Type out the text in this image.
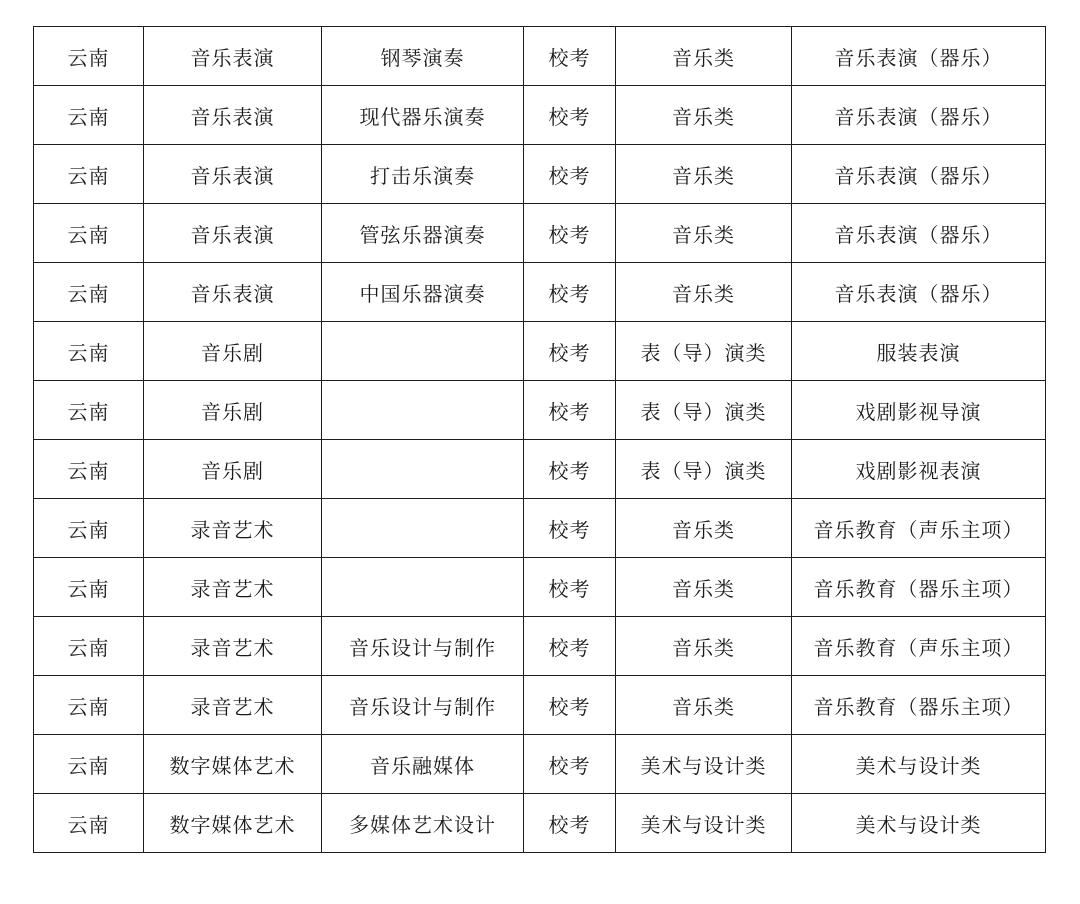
云南	音乐表演	钢琴演奏	校考	音乐类	音乐表演（器乐）
云南	音乐表演	现代器乐演奏	校考	音乐类	音乐表演（器乐）
云南	音乐表演	打击乐演奏	校考	音乐类	音乐表演（器乐）
云南	音乐表演	管弦乐器演奏	校考	音乐类	音乐表演（器乐）
云南	音乐表演	中国乐器演奏	校考	音乐类	音乐表演（器乐）
云南	音乐剧		校考	表（导）演类	服装表演
云南	音乐剧		校考	表（导）演类	戏剧影视导演
云南	音乐剧		校考	表（导）演类	戏剧影视表演
云南	录音艺术		校考	音乐类	音乐教育（声乐主项）
云南	录音艺术		校考	音乐类	音乐教育（器乐主项）
云南	录音艺术	音乐设计与制作	校考	音乐类	音乐教育（声乐主项）
云南	录音艺术	音乐设计与制作	校考	音乐类	音乐教育（器乐主项）
云南	数字媒体艺术	音乐融媒体	校考	美术与设计类	美术与设计类
云南	数字媒体艺术	多媒体艺术设计	校考	美术与设计类	美术与设计类
